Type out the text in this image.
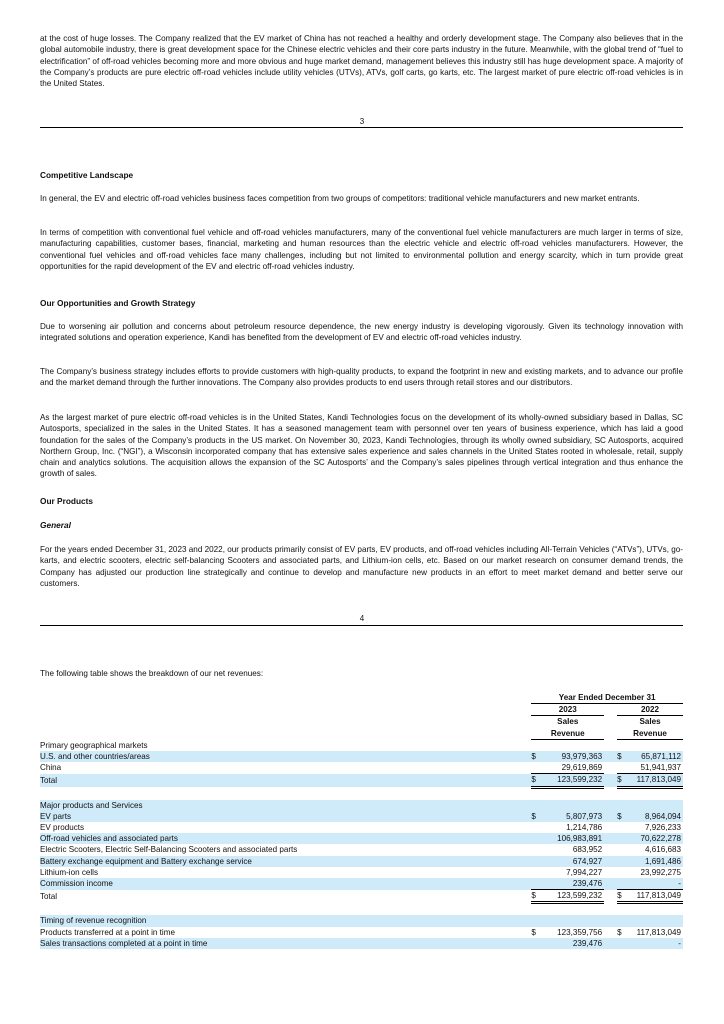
at the cost of huge losses. The Company realized that the EV market of China has not reached a healthy and orderly development stage. The Company also believes that in the global automobile industry, there is great development space for the Chinese electric vehicles and their core parts industry in the future. Meanwhile, with the global trend of “fuel to electrification” of off-road vehicles becoming more and more obvious and huge market demand, management believes this industry still has huge development space. A majority of the Company’s products are pure electric off-road vehicles include utility vehicles (UTVs), ATVs, golf carts, go karts, etc. The largest market of pure electric off-road vehicles is in the United States.

3

Competitive Landscape

In general, the EV and electric off-road vehicles business faces competition from two groups of competitors: traditional vehicle manufacturers and new market entrants.

In terms of competition with conventional fuel vehicle and off-road vehicles manufacturers, many of the conventional fuel vehicle manufacturers are much larger in terms of size, manufacturing capabilities, customer bases, financial, marketing and human resources than the electric vehicle and electric off-road vehicles manufacturers. However, the conventional fuel vehicles and off-road vehicles face many challenges, including but not limited to environmental pollution and energy scarcity, which in turn provide great opportunities for the rapid development of the EV and electric off-road vehicles industry.

Our Opportunities and Growth Strategy

Due to worsening air pollution and concerns about petroleum resource dependence, the new energy industry is developing vigorously. Given its technology innovation with integrated solutions and operation experience, Kandi has benefited from the development of EV and electric off-road vehicles industry.

The Company’s business strategy includes efforts to provide customers with high-quality products, to expand the footprint in new and existing markets, and to advance our profile and the market demand through the further innovations. The Company also provides products to end users through retail stores and our distributors.

As the largest market of pure electric off-road vehicles is in the United States, Kandi Technologies focus on the development of its wholly-owned subsidiary based in Dallas, SC Autosports, specialized in the sales in the United States. It has a seasoned management team with personnel over ten years of business experience, which has laid a good foundation for the sales of the Company’s products in the US market. On November 30, 2023, Kandi Technologies, through its wholly owned subsidiary, SC Autosports, acquired Northern Group, Inc. (“NGI”), a Wisconsin incorporated company that has extensive sales experience and sales channels in the United States rooted in wholesale, retail, supply chain and analytics solutions. The acquisition allows the expansion of the SC Autosports’ and the Company’s sales pipelines through vertical integration and thus enhance the growth of sales.

Our Products

General

For the years ended December 31, 2023 and 2022, our products primarily consist of EV parts, EV products, and off-road vehicles including All-Terrain Vehicles (“ATVs”), UTVs, go-karts, and electric scooters, electric self-balancing Scooters and associated parts, and Lithium-ion cells, etc. Based on our market research on consumer demand trends, the Company has adjusted our production line strategically and continue to develop and manufacture new products in an effort to meet market demand and better serve our customers.

4

The following table shows the breakdown of our net revenues:

	Year Ended December 31				
	2023			2022	
	Sales			Sales	
	Revenue			Revenue	
Primary geographical markets					
U.S. and other countries/areas	$	93,979,363		$	65,871,112
China		29,619,869			51,941,937
Total	$	123,599,232		$	117,813,049

Major products and Services					
EV parts	$	5,807,973		$	8,964,094
EV products		1,214,786			7,926,233
Off-road vehicles and associated parts		106,983,891			70,622,278
Electric Scooters, Electric Self-Balancing Scooters and associated parts		683,952			4,616,683
Battery exchange equipment and Battery exchange service		674,927			1,691,486
Lithium-ion cells		7,994,227			23,992,275
Commission income		239,476			-
Total	$	123,599,232		$	117,813,049

Timing of revenue recognition					
Products transferred at a point in time	$	123,359,756		$	117,813,049
Sales transactions completed at a point in time		239,476			-
